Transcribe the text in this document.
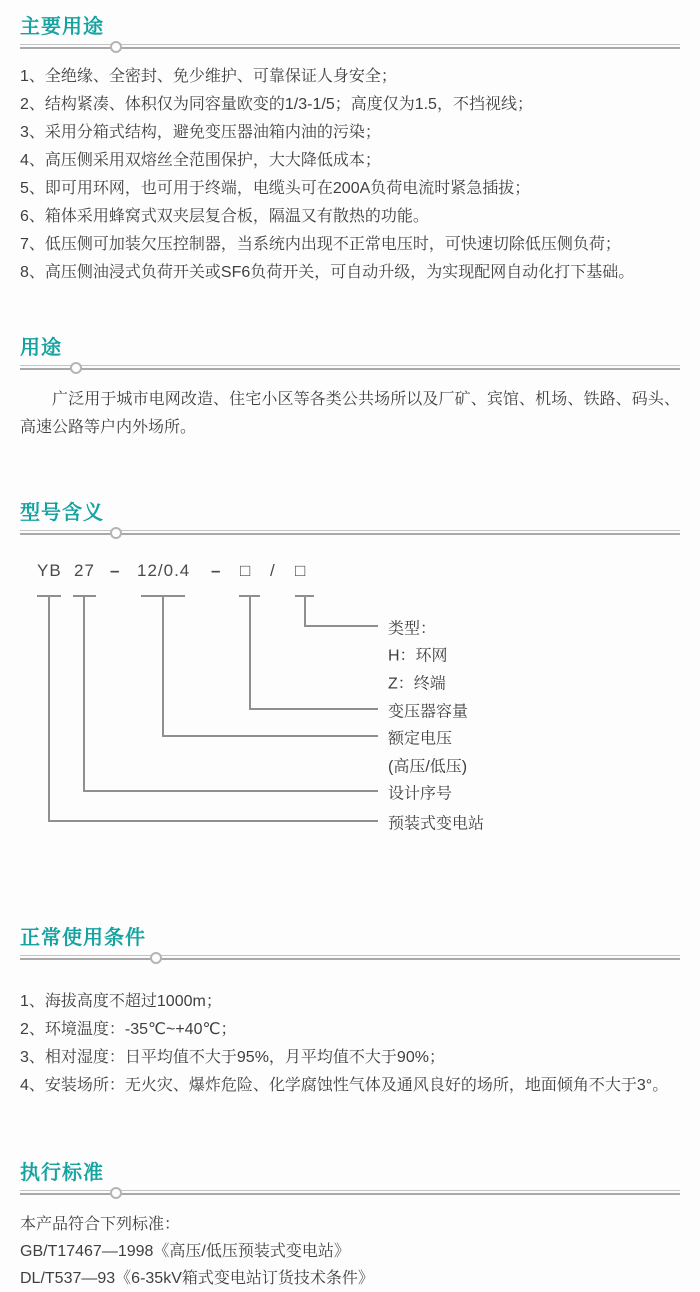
主要用途
1、全绝缘、全密封、免少维护、可靠保证人身安全；
2、结构紧凑、体积仅为同容量欧变的1/3-1/5；高度仅为1.5，不挡视线；
3、采用分箱式结构，避免变压器油箱内油的污染；
4、高压侧采用双熔丝全范围保护，大大降低成本；
5、即可用环网，也可用于终端，电缆头可在200A负荷电流时紧急插拔；
6、箱体采用蜂窝式双夹层复合板，隔温又有散热的功能。
7、低压侧可加装欠压控制器，当系统内出现不正常电压时，可快速切除低压侧负荷；
8、高压侧油浸式负荷开关或SF6负荷开关，可自动升级，为实现配网自动化打下基础。
用途

广泛用于城市电网改造、住宅小区等各类公共场所以及厂矿、宾馆、机场、铁路、码头、高速公路等户内外场所。

型号含义
YB 27 – 12/0.4 – □ / □
类型：
H：环网
Z：终端
变压器容量
额定电压
(高压/低压)
设计序号
预装式变电站
正常使用条件
1、海拔高度不超过1000m；
2、环境温度：-35℃~+40℃；
3、相对湿度：日平均值不大于95%，月平均值不大于90%；
4、安装场所：无火灾、爆炸危险、化学腐蚀性气体及通风良好的场所，地面倾角不大于3°。
执行标准

本产品符合下列标准：

GB/T17467—1998《高压/低压预装式变电站》

DL/T537—93《6-35kV箱式变电站订货技术条件》
